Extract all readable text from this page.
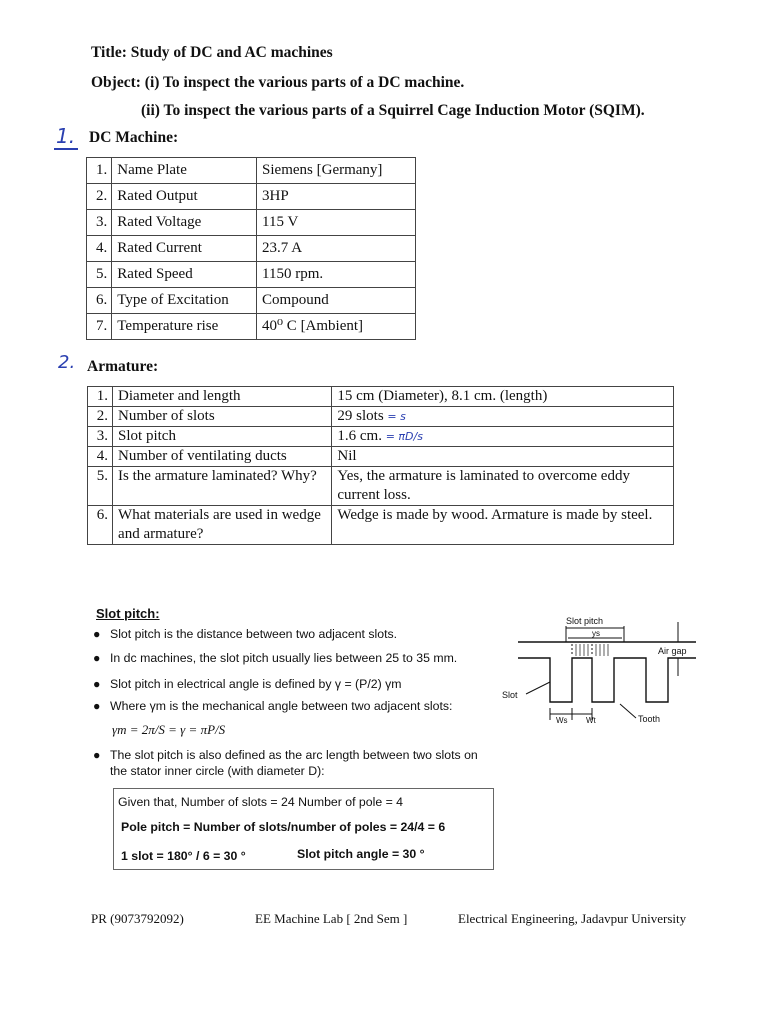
Title: Study of DC and AC machines
Object: (i) To inspect the various parts of a DC machine.
(ii) To inspect the various parts of a Squirrel Cage Induction Motor (SQIM).
1. DC Machine:
1.	Name Plate	Siemens [Germany]
2.	Rated Output	3HP
3.	Rated Voltage	115 V
4.	Rated Current	23.7 A
5.	Rated Speed	1150 rpm.
6.	Type of Excitation	Compound
7.	Temperature rise	40⁰ C [Ambient]
2. Armature:
1.	Diameter and length	15 cm (Diameter), 8.1 cm. (length)
2.	Number of slots	29 slots = s
3.	Slot pitch	1.6 cm. = πD/s
4.	Number of ventilating ducts	Nil
5.	Is the armature laminated? Why?	Yes, the armature is laminated to overcome eddy current loss.
6.	What materials are used in wedge and armature?	Wedge is made by wood. Armature is made by steel.
Slot pitch:
● Slot pitch is the distance between two adjacent slots.
● In dc machines, the slot pitch usually lies between 25 to 35 mm.
● Slot pitch in electrical angle is defined by γ = (P/2) γm
● Where γm is the mechanical angle between two adjacent slots:
γm = 2π/S = γ = πP/S
● The slot pitch is also defined as the arc length between two slots on
the stator inner circle (with diameter D):
Given that, Number of slots = 24 Number of pole = 4
Pole pitch = Number of slots/number of poles = 24/4 = 6
1 slot = 180° / 6 = 30 °	Slot pitch angle = 30 °
Slot pitch
ys
Air gap
Slot
Ws Wt	Tooth
PR (9073792092)	EE Machine Lab [ 2nd Sem ]	Electrical Engineering, Jadavpur University
